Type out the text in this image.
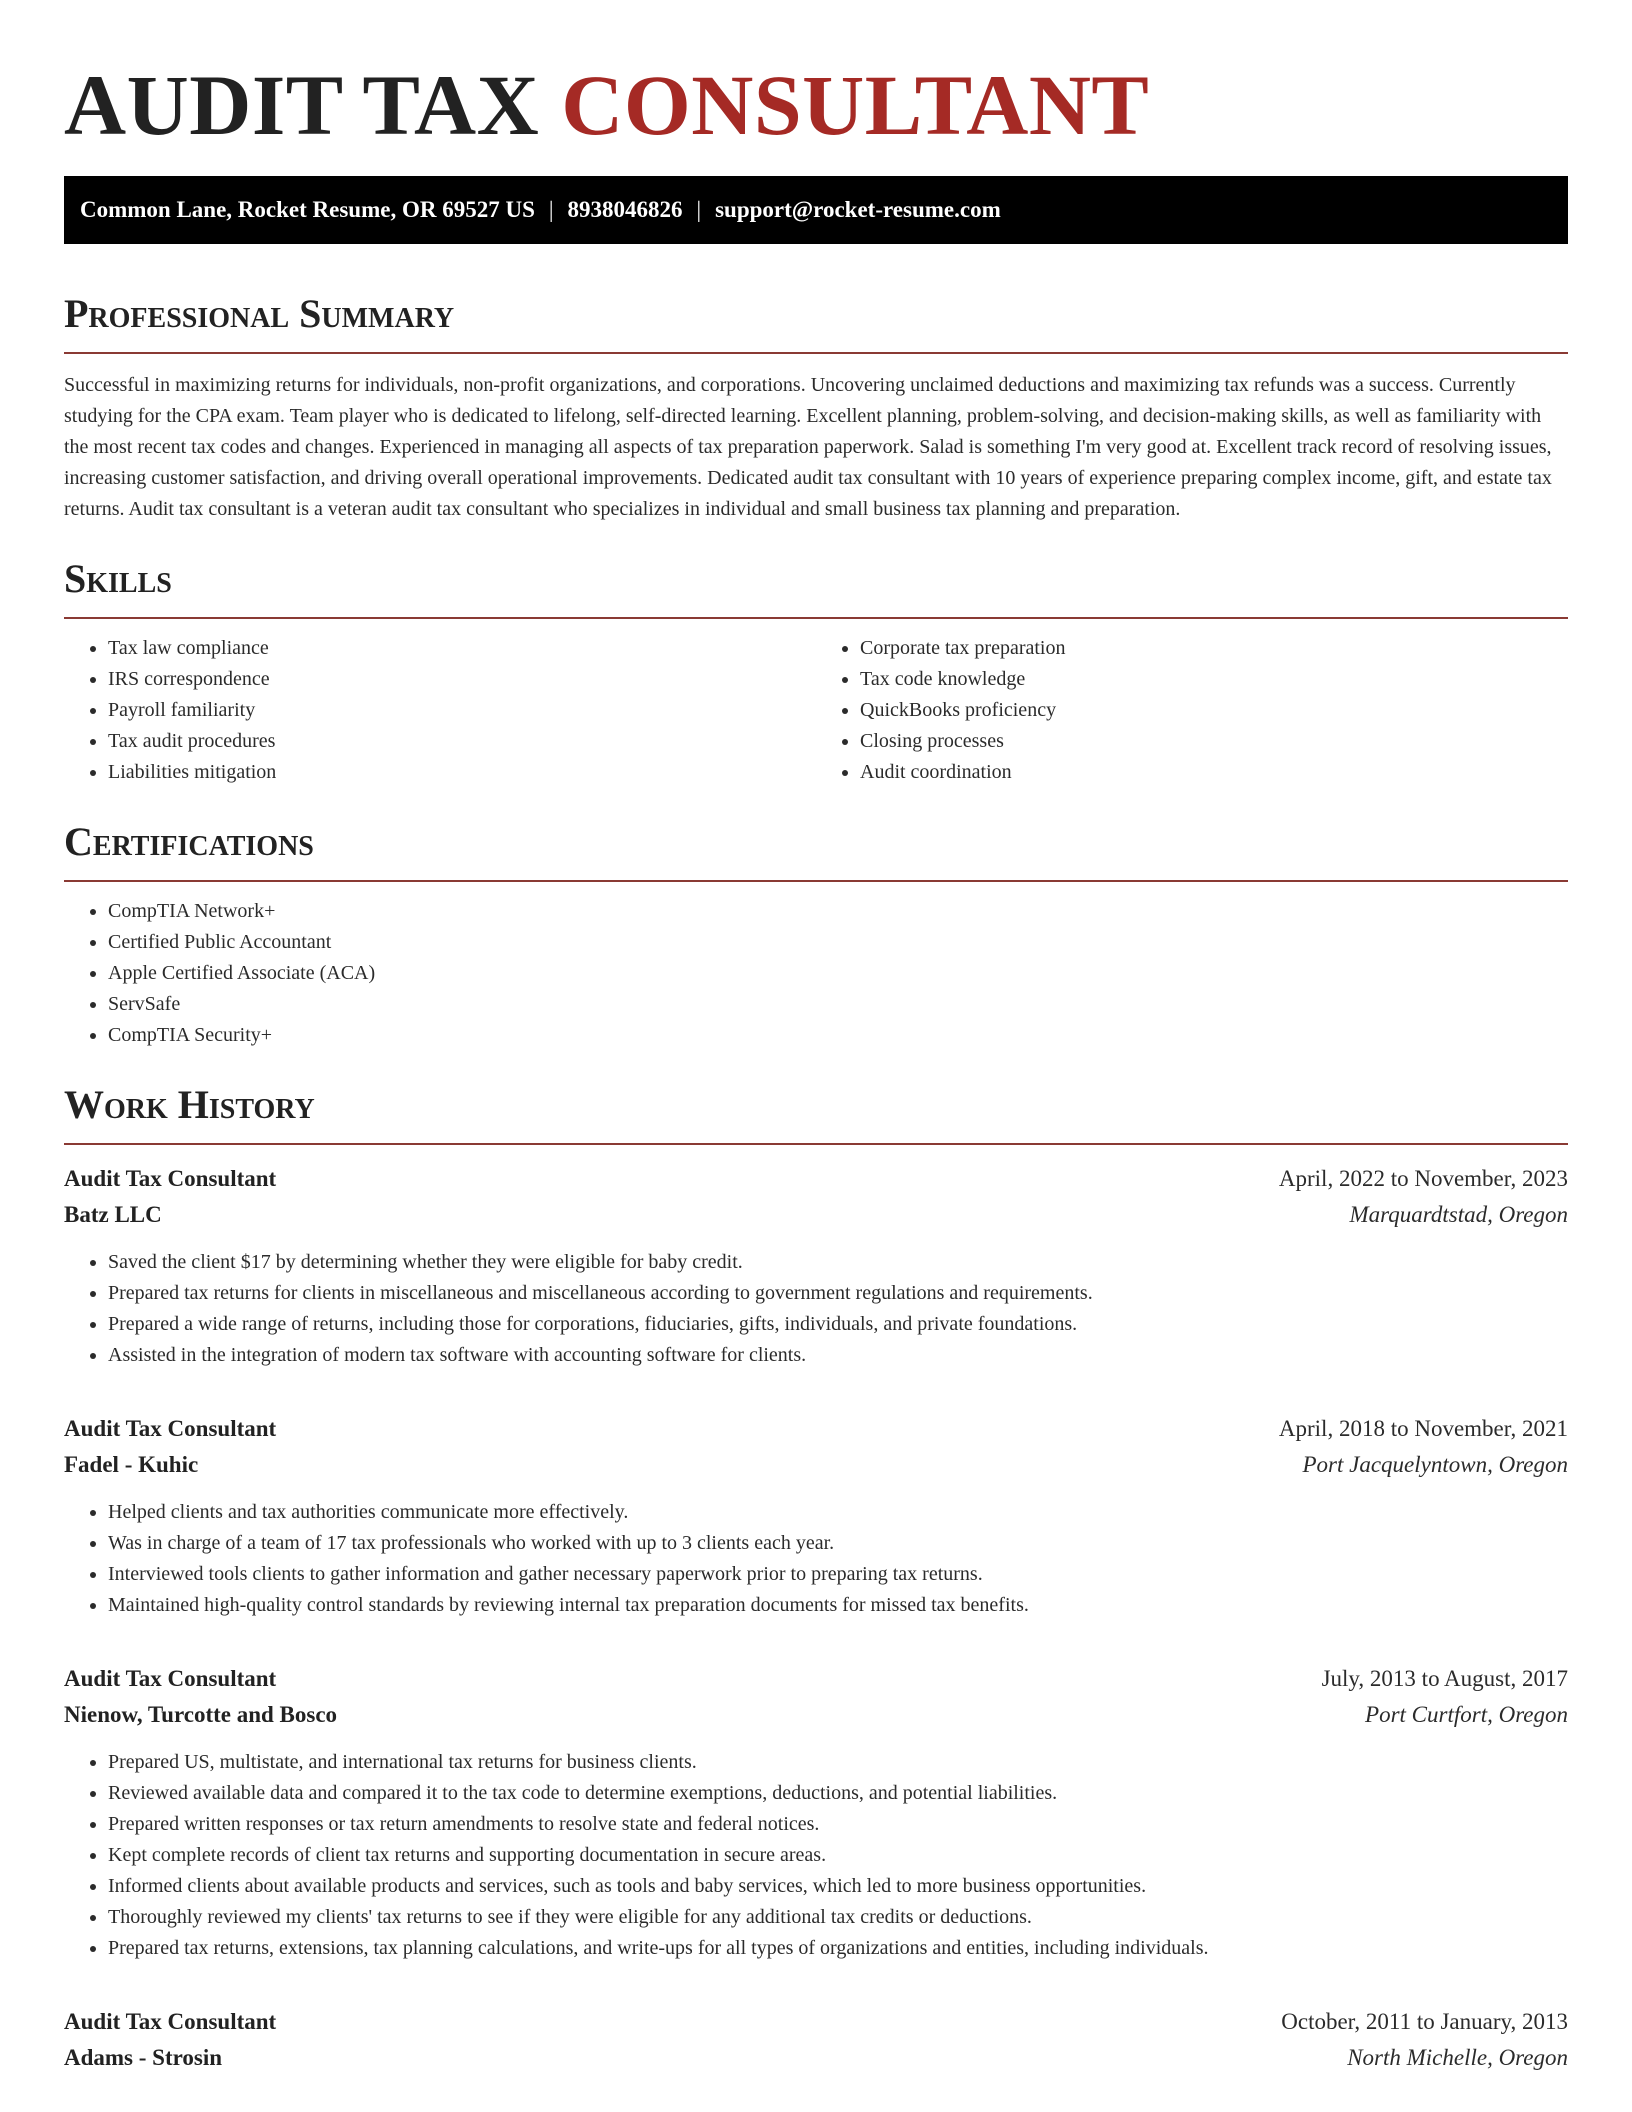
AUDIT TAX CONSULTANT
Common Lane, Rocket Resume, OR 69527 US | 8938046826 | support@rocket-resume.com
Professional Summary

Successful in maximizing returns for individuals, non-profit organizations, and corporations. Uncovering unclaimed deductions and maximizing tax refunds was a success. Currently studying for the CPA exam. Team player who is dedicated to lifelong, self-directed learning. Excellent planning, problem-solving, and decision-making skills, as well as familiarity with the most recent tax codes and changes. Experienced in managing all aspects of tax preparation paperwork. Salad is something I'm very good at. Excellent track record of resolving issues, increasing customer satisfaction, and driving overall operational improvements. Dedicated audit tax consultant with 10 years of experience preparing complex income, gift, and estate tax returns. Audit tax consultant is a veteran audit tax consultant who specializes in individual and small business tax planning and preparation.

Skills
• Tax law compliance
• IRS correspondence
• Payroll familiarity
• Tax audit procedures
• Liabilities mitigation
• Corporate tax preparation
• Tax code knowledge
• QuickBooks proficiency
• Closing processes
• Audit coordination
Certifications
• CompTIA Network+
• Certified Public Accountant
• Apple Certified Associate (ACA)
• ServSafe
• CompTIA Security+
Work History
Audit Tax Consultant	April, 2022 to November, 2023
Batz LLC	Marquardtstad, Oregon
• Saved the client $17 by determining whether they were eligible for baby credit.
• Prepared tax returns for clients in miscellaneous and miscellaneous according to government regulations and requirements.
• Prepared a wide range of returns, including those for corporations, fiduciaries, gifts, individuals, and private foundations.
• Assisted in the integration of modern tax software with accounting software for clients.
Audit Tax Consultant	April, 2018 to November, 2021
Fadel - Kuhic	Port Jacquelyntown, Oregon
• Helped clients and tax authorities communicate more effectively.
• Was in charge of a team of 17 tax professionals who worked with up to 3 clients each year.
• Interviewed tools clients to gather information and gather necessary paperwork prior to preparing tax returns.
• Maintained high-quality control standards by reviewing internal tax preparation documents for missed tax benefits.
Audit Tax Consultant	July, 2013 to August, 2017
Nienow, Turcotte and Bosco	Port Curtfort, Oregon
• Prepared US, multistate, and international tax returns for business clients.
• Reviewed available data and compared it to the tax code to determine exemptions, deductions, and potential liabilities.
• Prepared written responses or tax return amendments to resolve state and federal notices.
• Kept complete records of client tax returns and supporting documentation in secure areas.
• Informed clients about available products and services, such as tools and baby services, which led to more business opportunities.
• Thoroughly reviewed my clients' tax returns to see if they were eligible for any additional tax credits or deductions.
• Prepared tax returns, extensions, tax planning calculations, and write-ups for all types of organizations and entities, including individuals.
Audit Tax Consultant	October, 2011 to January, 2013
Adams - Strosin	North Michelle, Oregon
